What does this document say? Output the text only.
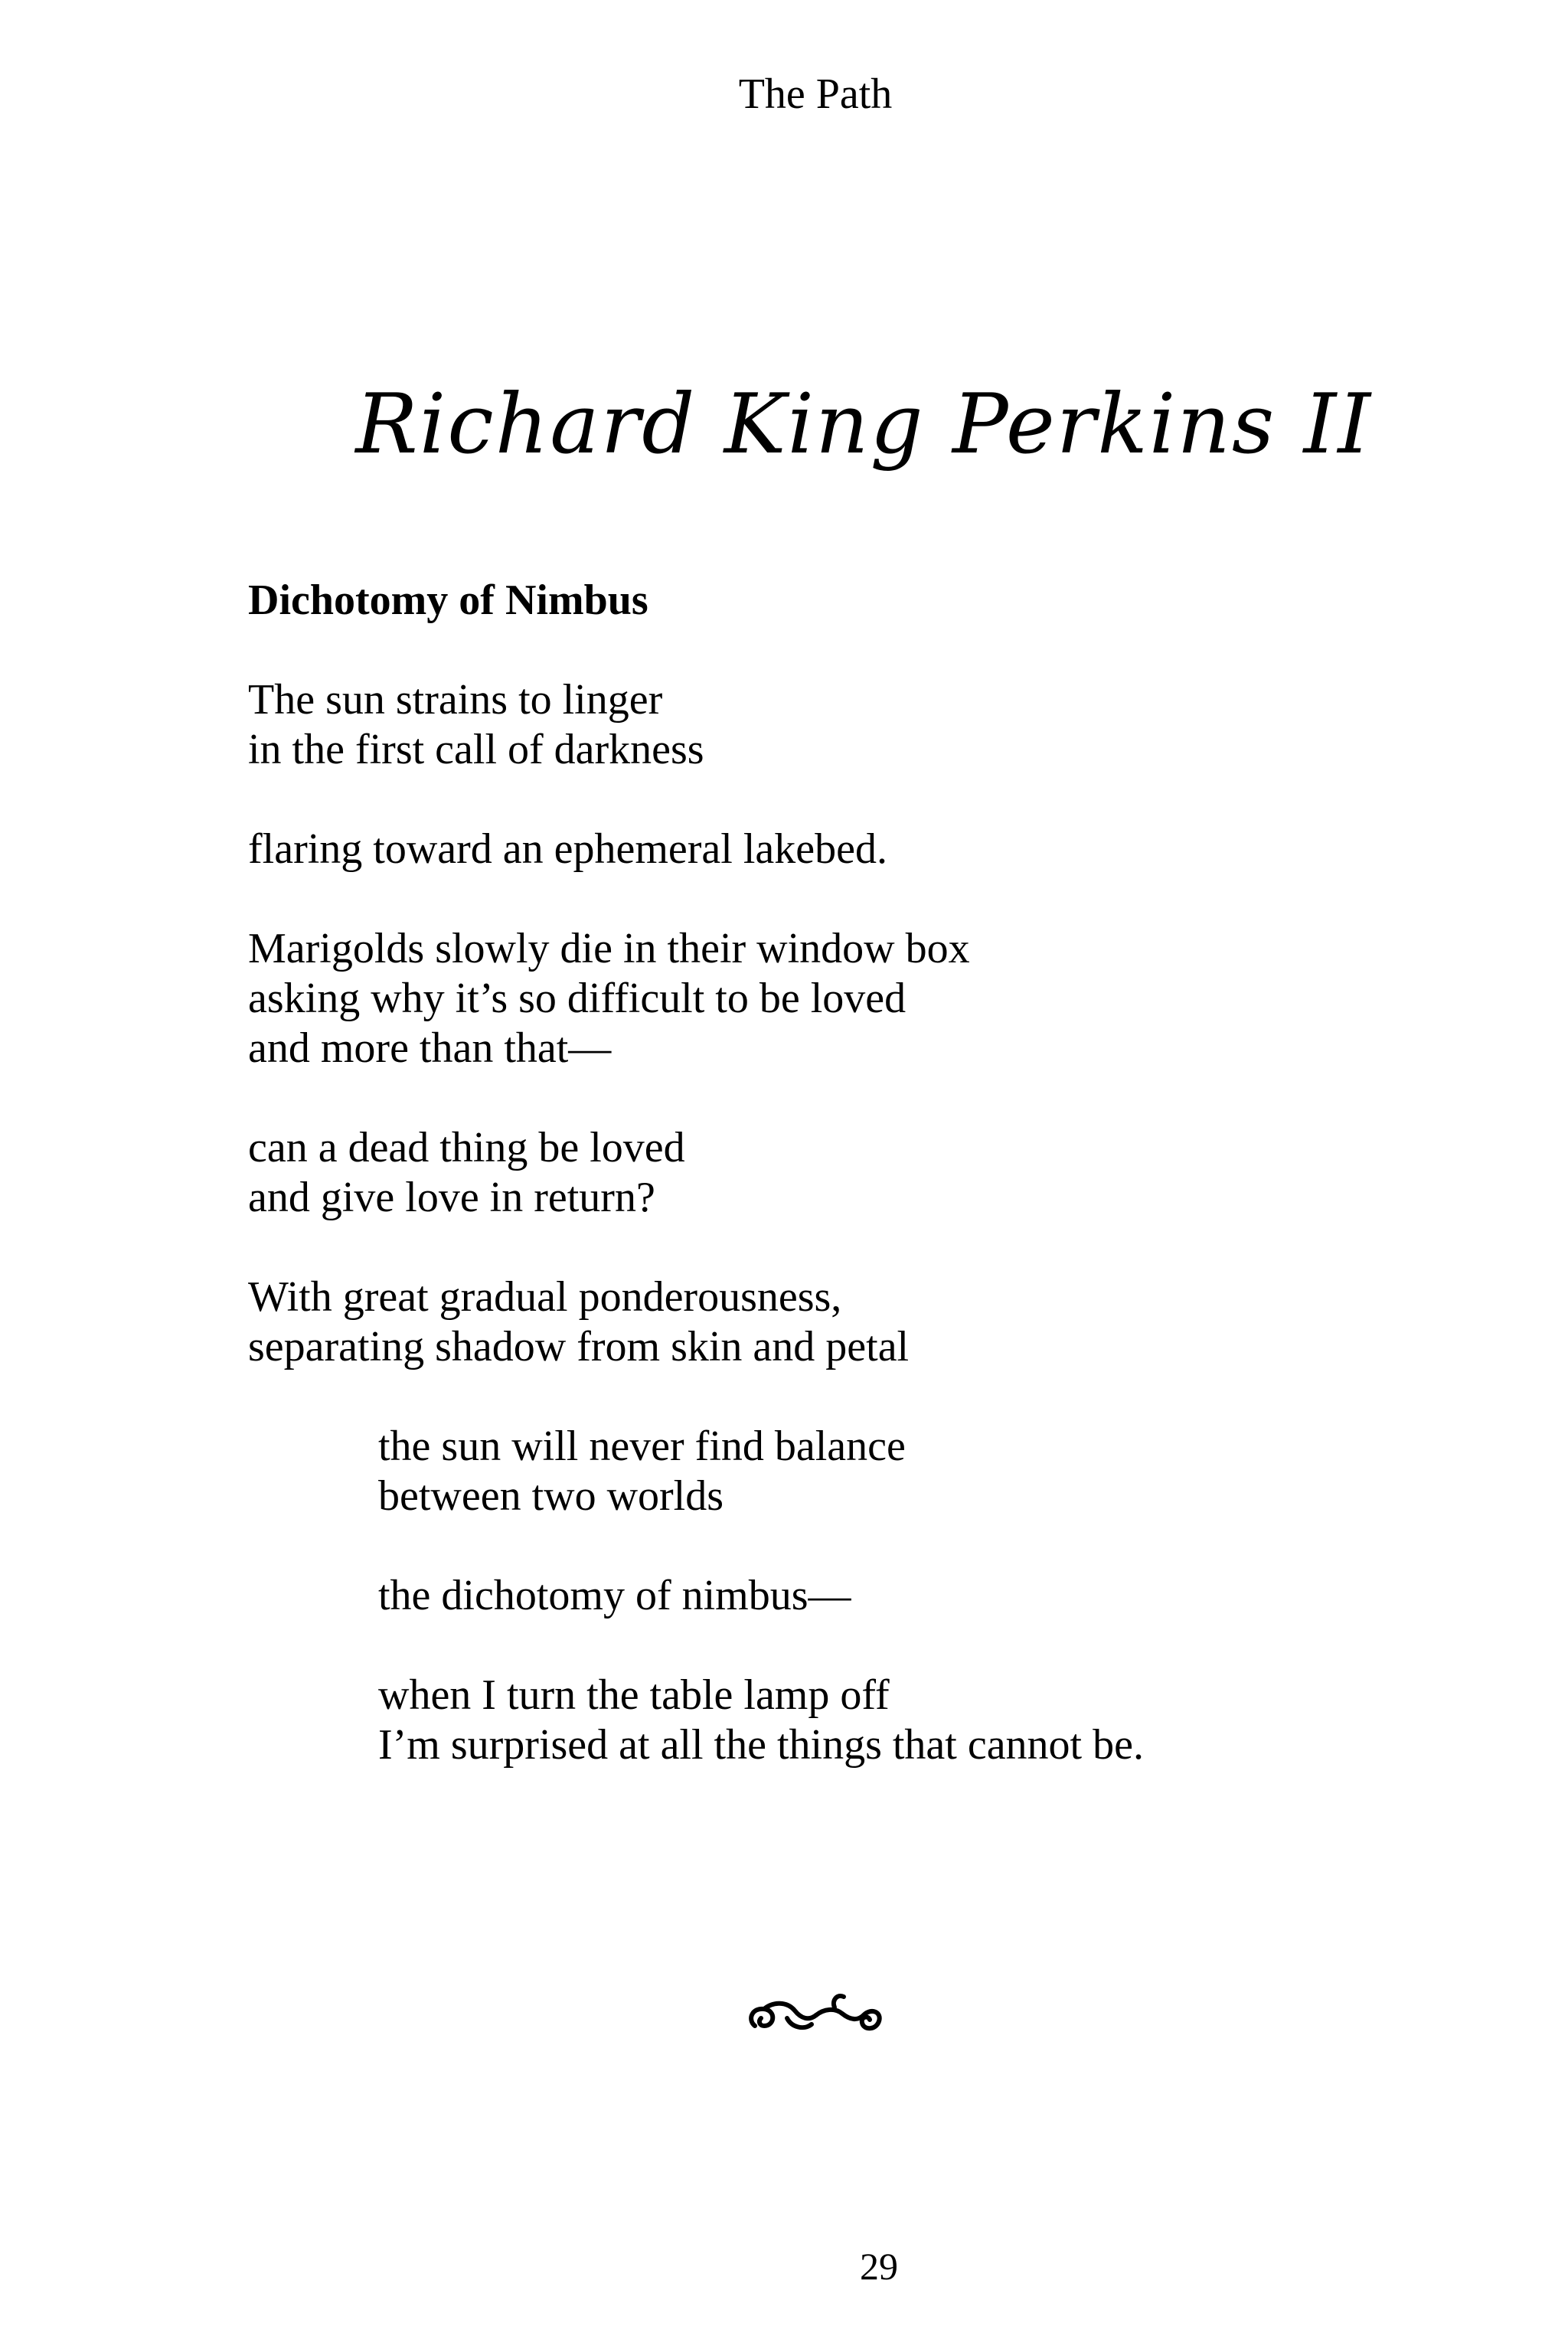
The Path
Richard King Perkins II
Dichotomy of Nimbus
The sun strains to linger
in the first call of darkness
flaring toward an ephemeral lakebed.
Marigolds slowly die in their window box
asking why it’s so difficult to be loved
and more than that—
can a dead thing be loved
and give love in return?
With great gradual ponderousness,
separating shadow from skin and petal
the sun will never find balance
between two worlds
the dichotomy of nimbus—
when I turn the table lamp off
I’m surprised at all the things that cannot be.
29
